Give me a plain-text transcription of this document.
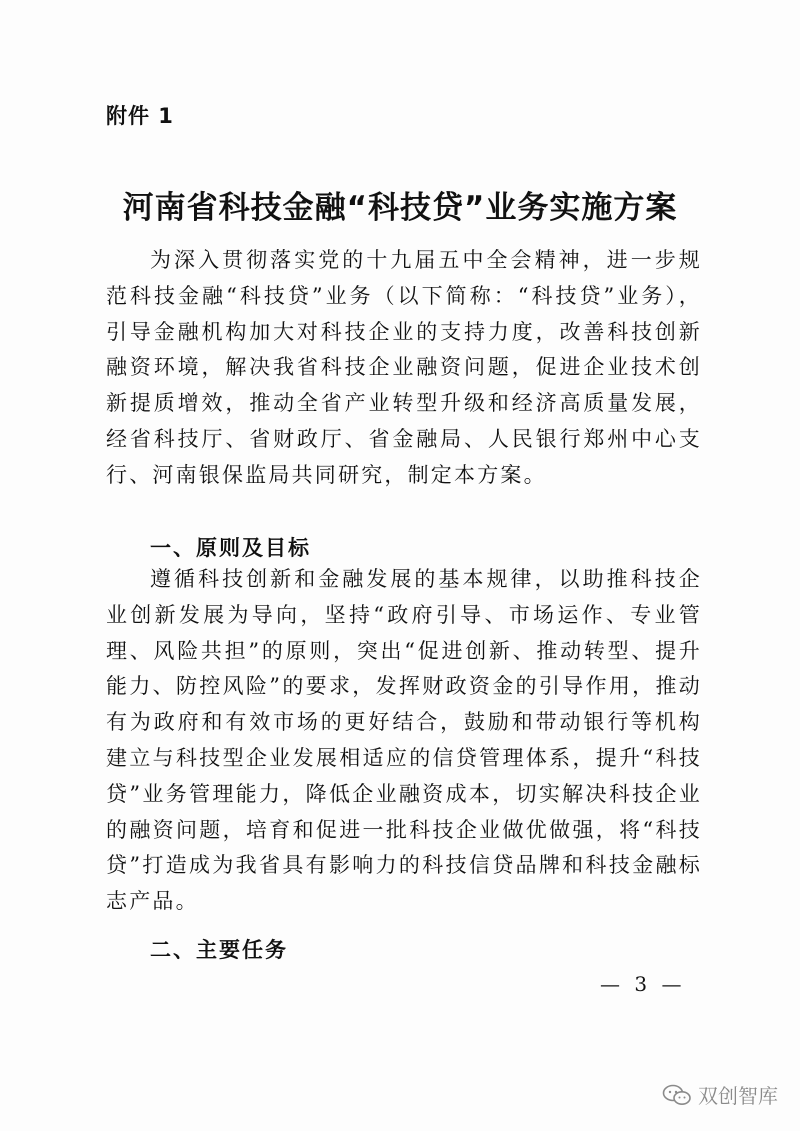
附件 1
河南省科技金融“科技贷”业务实施方案

为深入贯彻落实党的十九届五中全会精神，进一步规范科技金融“科技贷”业务（以下简称：“科技贷”业务），引导金融机构加大对科技企业的支持力度，改善科技创新融资环境，解决我省科技企业融资问题，促进企业技术创新提质增效，推动全省产业转型升级和经济高质量发展，经省科技厅、省财政厅、省金融局、人民银行郑州中心支行、河南银保监局共同研究，制定本方案。

一、原则及目标

遵循科技创新和金融发展的基本规律，以助推科技企业创新发展为导向，坚持“政府引导、市场运作、专业管理、风险共担”的原则，突出“促进创新、推动转型、提升能力、防控风险”的要求，发挥财政资金的引导作用，推动有为政府和有效市场的更好结合，鼓励和带动银行等机构建立与科技型企业发展相适应的信贷管理体系，提升“科技贷”业务管理能力，降低企业融资成本，切实解决科技企业的融资问题，培育和促进一批科技企业做优做强，将“科技贷”打造成为我省具有影响力的科技信贷品牌和科技金融标志产品。

二、主要任务
— 3 —
双创智库
